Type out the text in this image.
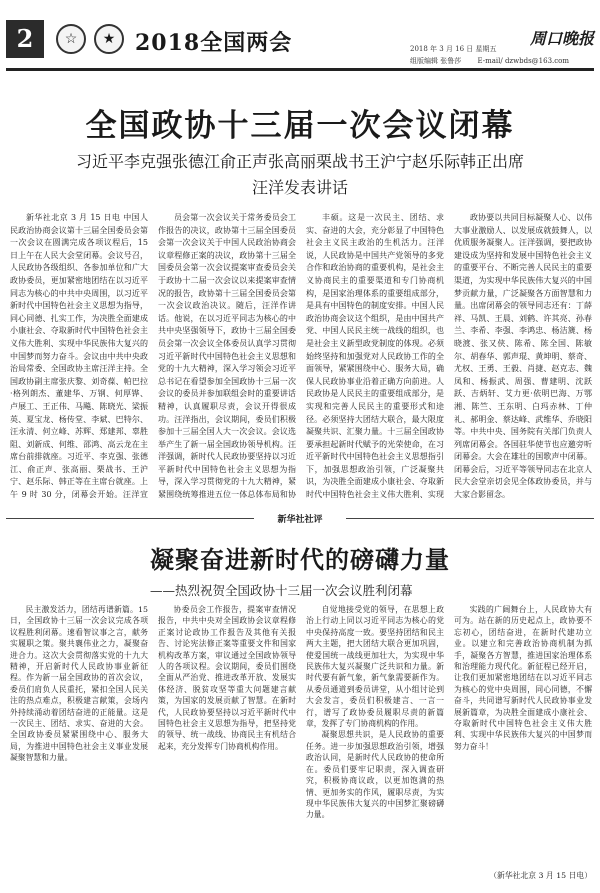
2	☆	★ 2018全国两会	2018 年 3 月 16 日 星期五
组版编辑 张鲁莎 E-mail/ dzwbds@163.com
周口晚报
全国政协十三届一次会议闭幕
习近平李克强张德江俞正声张高丽栗战书王沪宁赵乐际韩正出席
汪洋发表讲话

新华社北京 3 月 15 日电 中国人民政治协商会议第十三届全国委员会第一次会议在圆满完成各项议程后，15 日上午在人民大会堂闭幕。会议号召，人民政协各级组织、各参加单位和广大政协委员，更加紧密地团结在以习近平同志为核心的中共中央周围，以习近平新时代中国特色社会主义思想为指导，同心同德、扎实工作，为决胜全面建成小康社会、夺取新时代中国特色社会主义伟大胜利、实现中华民族伟大复兴的中国梦而努力奋斗。会议由中共中央政治局常委、全国政协主席汪洋主持。全国政协副主席张庆黎、刘奇葆、帕巴拉·格列朗杰、董建华、万钢、何厚铧、卢展工、王正伟、马飚、陈晓光、梁振英、夏宝龙、杨传堂、李斌、巴特尔、汪永清、何立峰、苏辉、郑建邦、辜胜阻、刘新成、何维、邵鸿、高云龙在主席台前排就座。习近平、李克强、张德江、俞正声、张高丽、栗战书、王沪宁、赵乐际、韩正等在主席台就座。上午 9 时 30 分，闭幕会开始。汪洋宣

员会第一次会议关于常务委员会工作报告的决议，政协第十三届全国委员会第一次会议关于中国人民政治协商会议章程修正案的决议，政协第十三届全国委员会第一次会议提案审查委员会关于政协十二届一次会议以来提案审查情况的报告，政协第十三届全国委员会第一次会议政治决议。随后，汪洋作讲话。他说，在以习近平同志为核心的中共中央坚强领导下，政协十三届全国委员会第一次会议全体委员认真学习贯彻习近平新时代中国特色社会主义思想和党的十九大精神，深入学习领会习近平总书记在看望参加全国政协十三届一次会议的委员并参加联组会时的重要讲话精神，认真履职尽责，会议开得很成功。汪洋指出，会议期间，委员们积极参加十三届全国人大一次会议。会议选举产生了新一届全国政协领导机构。汪洋强调，新时代人民政协要坚持以习近平新时代中国特色社会主义思想为指导，深入学习贯彻党的十九大精神，紧紧围绕统筹推进五位一体总体布局和协

丰硕。这是一次民主、团结、求实、奋进的大会，充分彰显了中国特色社会主义民主政治的生机活力。汪洋说，人民政协是中国共产党领导的多党合作和政治协商的重要机构，是社会主义协商民主的重要渠道和专门协商机构，是国家治理体系的重要组成部分，是具有中国特色的制度安排。中国人民政治协商会议这个组织，是由中国共产党、中国人民民主统一战线的组织，也是社会主义新型政党制度的体现。必须始终坚持和加强党对人民政协工作的全面领导，紧紧围绕中心、服务大局，确保人民政协事业沿着正确方向前进。人民政协是人民民主的重要组成部分，是实现和完善人民民主的重要形式和途径。必须坚持大团结大联合，最大限度凝聚共识、汇聚力量。十三届全国政协要承担起新时代赋予的光荣使命，在习近平新时代中国特色社会主义思想指引下，加强思想政治引领，广泛凝聚共识，为决胜全面建成小康社会、夺取新时代中国特色社会主义伟大胜利、实现

政协要以共同目标凝聚人心、以伟大事业激励人、以发展成就鼓舞人，以优质服务凝聚人。汪洋强调，要把政协建设成为坚持和发展中国特色社会主义的重要平台、不断完善人民民主的重要渠道，为实现中华民族伟大复兴的中国梦贡献力量，广泛凝聚各方面智慧和力量。出席闭幕会的领导同志还有：丁薛祥、马凯、王晨、刘鹤、许其亮、孙春兰、李希、李强、李鸿忠、杨洁篪、杨晓渡、张又侠、陈希、陈全国、陈敏尔、胡春华、郭声琨、黄坤明、蔡奇、尤权、王勇、王毅、肖捷、赵克志、魏凤和、杨振武、周强、曹建明、沈跃跃、吉炳轩、艾力更·依明巴海、万鄂湘、陈竺、王东明、白玛赤林、丁仲礼、郝明金、蔡达峰、武维华、乔晓阳等。中共中央、国务院有关部门负责人列席闭幕会。各国驻华使节也应邀旁听闭幕会。大会在雄壮的国歌声中闭幕。闭幕会后，习近平等领导同志在北京人民大会堂亲切会见全体政协委员，并与大家合影留念。

新华社社评
凝聚奋进新时代的磅礴力量
——热烈祝贺全国政协十三届一次会议胜利闭幕

民主激发活力，团结再谱新篇。15 日，全国政协十三届一次会议完成各项议程胜利闭幕。速看智议事之言，献务实履职之策。聚共襄伟业之力，凝聚奋进合力。这次大会贯彻落实党的十九大精神，开启新时代人民政协事业新征程。作为新一届全国政协的首次会议，委员们肩负人民重托，紧扣全国人民关注的热点难点，积极建言献策，会场内外持续涌动着团结奋进的正能量。这是一次民主、团结、求实、奋进的大会。全国政协委员紧紧围绕中心、服务大局，为推进中国特色社会主义事业发展凝聚智慧和力量。

协委员会工作报告，提案审查情况报告，中共中央对全国政协会议章程修正案讨论政协工作报告及其他有关报告、讨论宪法修正案等重要文件和国家机构改革方案，审议通过全国政协领导人的各项议程。会议期间，委员们围绕全面从严治党、推进改革开放、发展实体经济、脱贫攻坚等重大问题建言献策，为国家的发展贡献了智慧。在新时代，人民政协要坚持以习近平新时代中国特色社会主义思想为指导，把坚持党的领导、统一战线、协商民主有机结合起来，充分发挥专门协商机构作用。

自觉地接受党的领导，在思想上政治上行动上同以习近平同志为核心的党中央保持高度一致。要坚持团结和民主两大主题，把大团结大联合更加巩固，使爱国统一战线更加壮大，为实现中华民族伟大复兴凝聚广泛共识和力量。新时代要有新气象，新气象需要新作为。从委员通道到委员讲堂，从小组讨论到大会发言，委员们积极建言、一言一行，谱写了政协委员履职尽责的新篇章，发挥了专门协商机构的作用。

凝聚思想共识，是人民政协的重要任务。进一步加强思想政治引领，增强政治认同，是新时代人民政协的使命所在。委员们要牢记职责，深入调查研究，积极协商议政，以更加饱满的热情、更加务实的作风，履职尽责，为实现中华民族伟大复兴的中国梦汇聚磅礴力量。

实践的广阔舞台上，人民政协大有可为。站在新的历史起点上，政协要不忘初心，团结奋进，在新时代建功立业。以建立和完善政治协商机制为抓手，凝聚各方智慧，推进国家治理体系和治理能力现代化。新征程已经开启，让我们更加紧密地团结在以习近平同志为核心的党中央周围，同心同德，不懈奋斗，共同谱写新时代人民政协事业发展新篇章，为决胜全面建成小康社会、夺取新时代中国特色社会主义伟大胜利、实现中华民族伟大复兴的中国梦而努力奋斗！

（新华社北京 3 月 15 日电）
